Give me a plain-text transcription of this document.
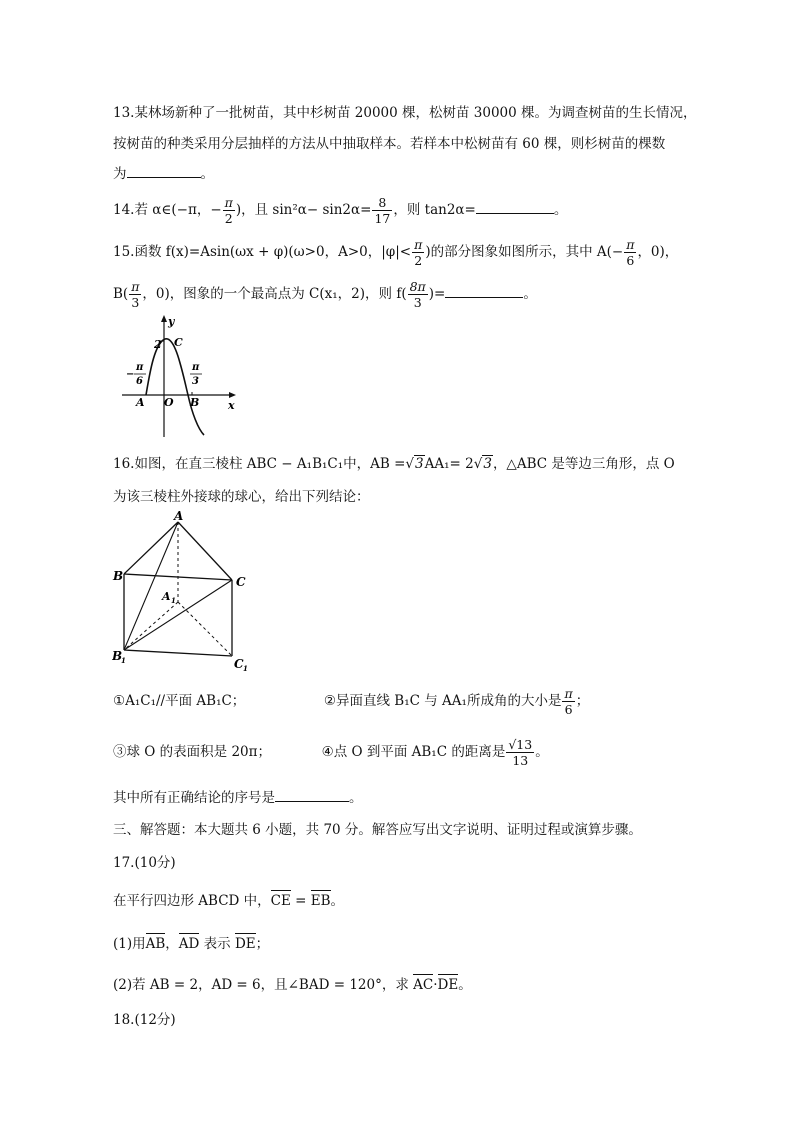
13.某林场新种了一批树苗，其中杉树苗 20000 棵，松树苗 30000 棵。为调查树苗的生长情况，
按树苗的种类采用分层抽样的方法从中抽取样本。若样本中松树苗有 60 棵，则杉树苗的棵数
为	。
14.若 α∈(−π，− $\frac{\pi}{2}$ )，且 $\sin^2\alpha- \sin 2\alpha= \frac{8}{17}$ ，则 tan2α=	。
15.函数 f(x)=Asin(ωx + φ)(ω>0，A>0，$|\varphi|< \frac{\pi}{2}$ )的部分图象如图所示，其中 $A(- \frac{\pi}{6}$ ，0)，
$B( \frac{\pi}{3}$ ，0)，图象的一个最高点为 C(x₁，2)，则 $f( \frac{8\pi}{3}$ )=	。
y
x
C
2
−
π
6
π
3
A O B
16.如图，在直三棱柱 ABC − A₁B₁C₁中，AB =√3AA₁= 2√3，△ABC 是等边三角形，点 O
为该三棱柱外接球的球心，给出下列结论：
A
B	C
A 1
B
1	C 1
①A₁C₁//平面 AB₁C；	②异面直线 B₁C 与 AA₁所成角的大小是 $\frac{\pi}{6}$ ；
③球 O 的表面积是 20π；	④点 O 到平面 AB₁C 的距离是 $\frac{√13}{13}$ 。
其中所有正确结论的序号是	。
三、解答题：本大题共 6 小题，共 70 分。解答应写出文字说明、证明过程或演算步骤。
17.(10分)
在平行四边形 ABCD 中，CE = EB。
(1)用AB，AD 表示 DE；
(2)若 AB = 2，AD = 6，且∠BAD = 120°，求 AC·DE。
18.(12分)
